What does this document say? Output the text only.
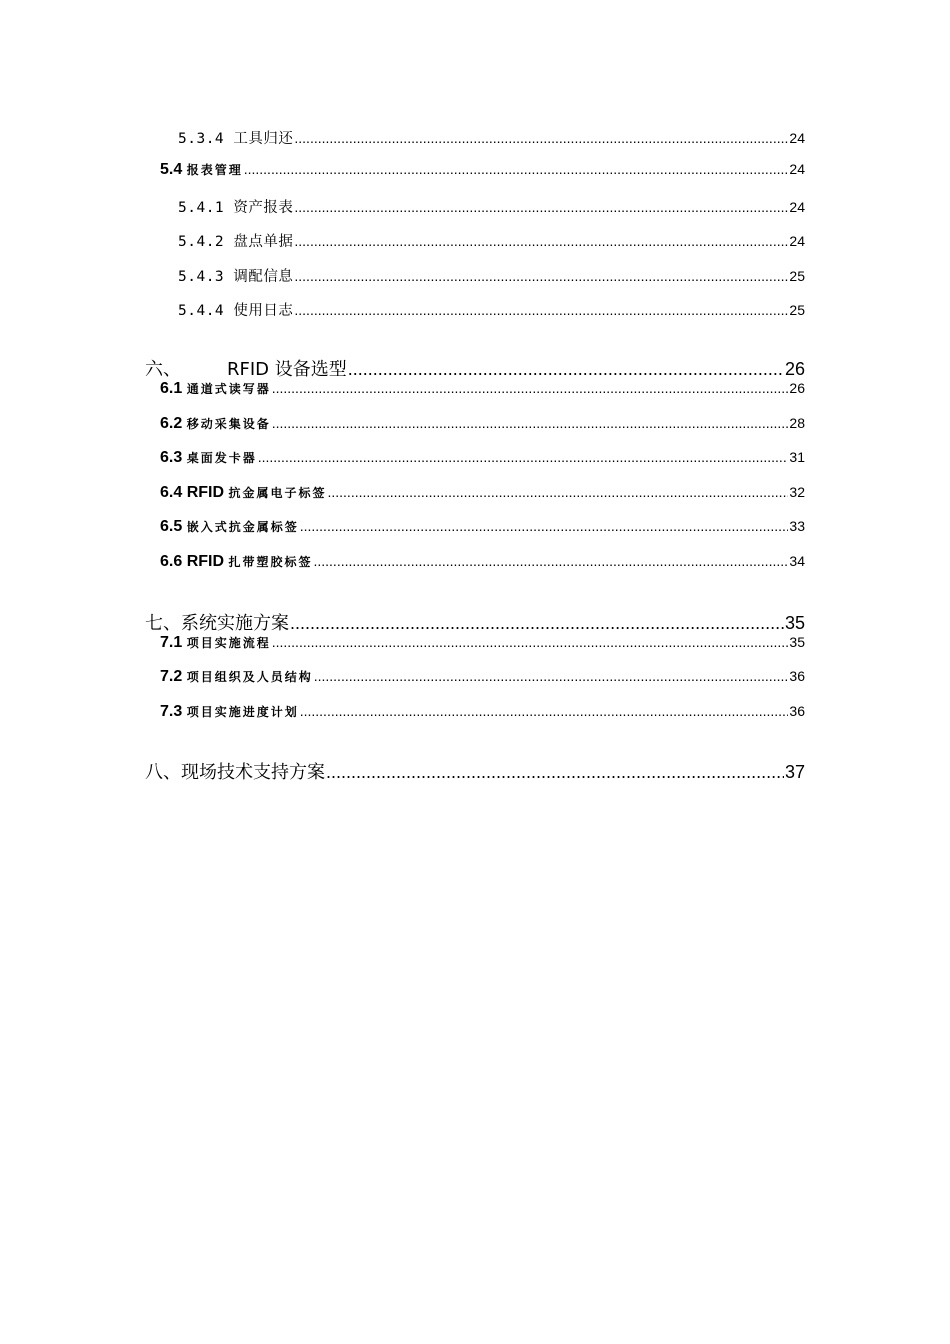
5.3.4 工具归还 .....	24
5.4 报表管理 .....	24
5.4.1 资产报表 .....	24
5.4.2 盘点单据 .....	24
5.4.3 调配信息 .....	25
5.4.4 使用日志 .....	25
六、	RFID 设备选型 .....	26
6.1 通道式读写器 .....	26
6.2 移动采集设备 .....	28
6.3 桌面发卡器 .....	31
6.4 RFID 抗金属电子标签 .....	32
6.5 嵌入式抗金属标签 .....	33
6.6 RFID 扎带塑胶标签 .....	34
七、系统实施方案 .....	35
7.1 项目实施流程 .....	35
7.2 项目组织及人员结构 .....	36
7.3 项目实施进度计划 .....	36
八、现场技术支持方案 .....	37
